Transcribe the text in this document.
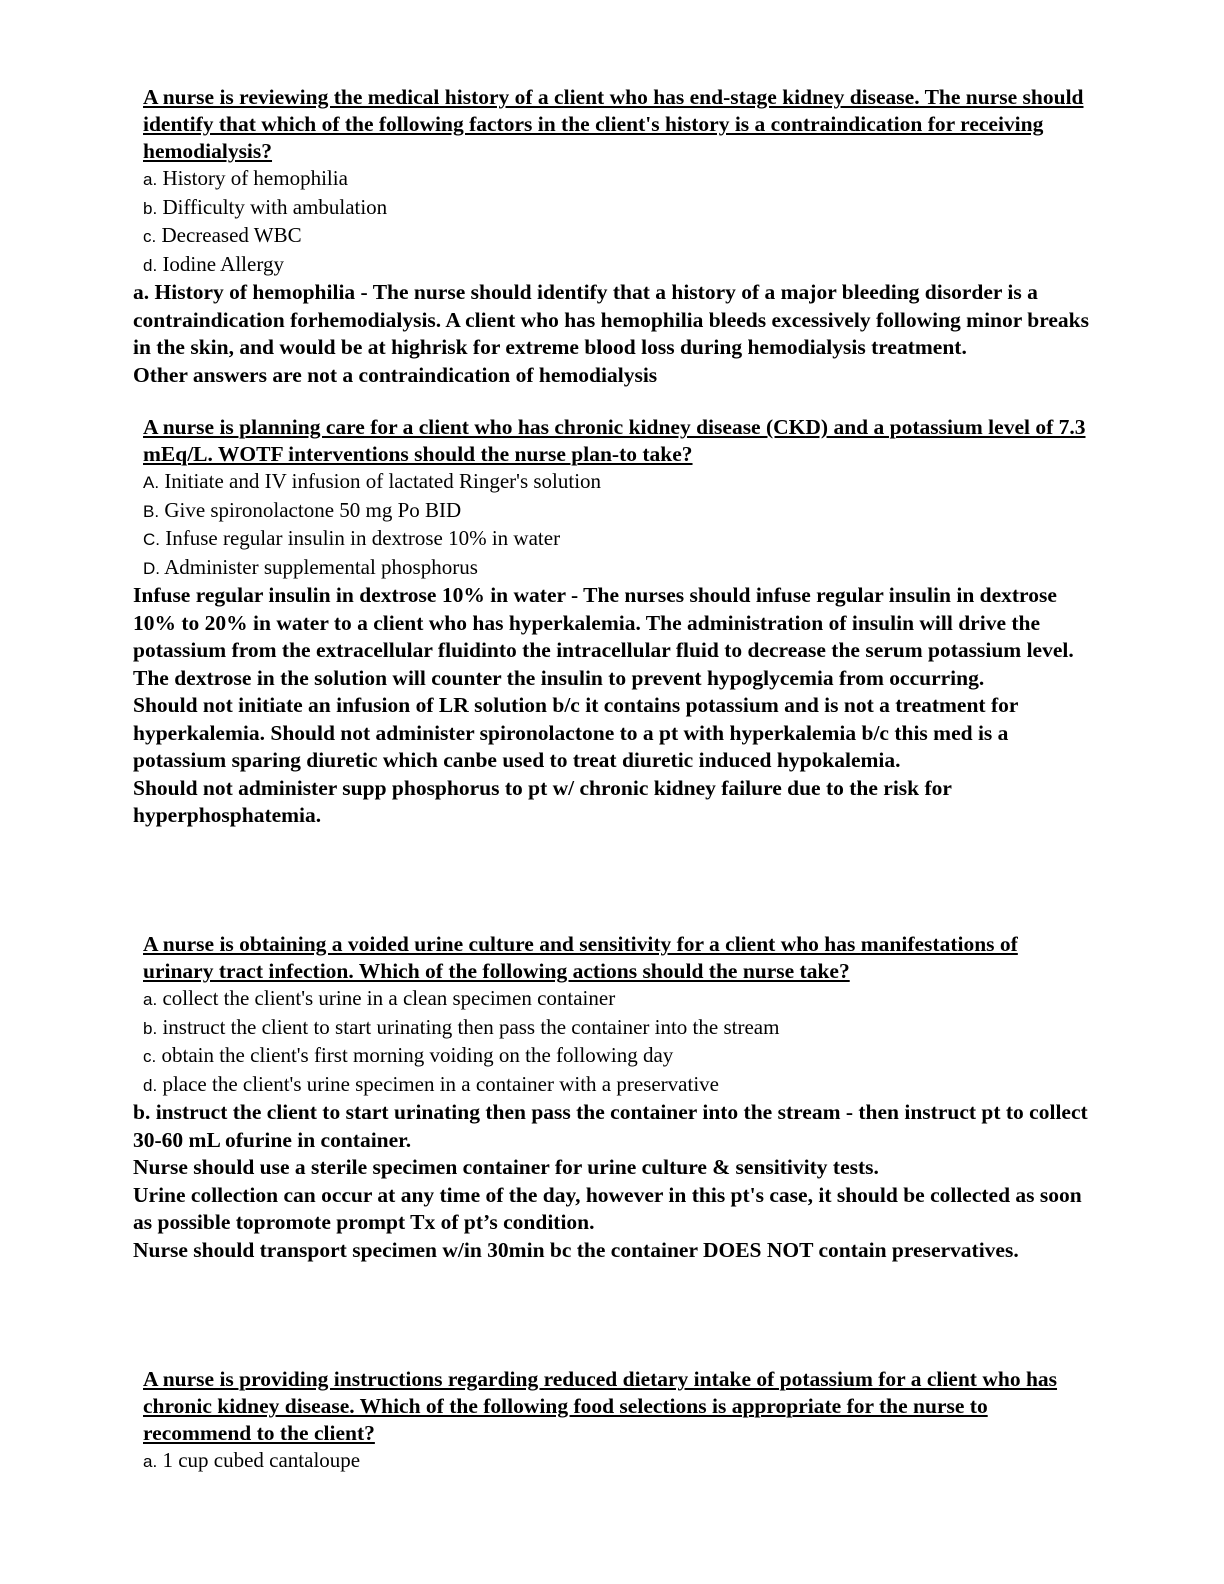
A nurse is reviewing the medical history of a client who has end-stage kidney disease. The nurse should identify that which of the following factors in the client's history is a contraindication for receiving hemodialysis?

a. History of hemophilia
b. Difficulty with ambulation
c. Decreased WBC
d. Iodine Allergy

a. History of hemophilia - The nurse should identify that a history of a major bleeding disorder is a contraindication forhemodialysis. A client who has hemophilia bleeds excessively following minor breaks in the skin, and would be at highrisk for extreme blood loss during hemodialysis treatment.

Other answers are not a contraindication of hemodialysis

A nurse is planning care for a client who has chronic kidney disease (CKD) and a potassium level of 7.3 mEq/L. WOTF interventions should the nurse plan-to take?

A. Initiate and IV infusion of lactated Ringer's solution
B. Give spironolactone 50 mg Po BID
C. Infuse regular insulin in dextrose 10% in water
D. Administer supplemental phosphorus

Infuse regular insulin in dextrose 10% in water - The nurses should infuse regular insulin in dextrose 10% to 20% in water to a client who has hyperkalemia. The administration of insulin will drive the potassium from the extracellular fluidinto the intracellular fluid to decrease the serum potassium level. The dextrose in the solution will counter the insulin to prevent hypoglycemia from occurring.

Should not initiate an infusion of LR solution b/c it contains potassium and is not a treatment for hyperkalemia. Should not administer spironolactone to a pt with hyperkalemia b/c this med is a potassium sparing diuretic which canbe used to treat diuretic induced hypokalemia.

Should not administer supp phosphorus to pt w/ chronic kidney failure due to the risk for hyperphosphatemia.

A nurse is obtaining a voided urine culture and sensitivity for a client who has manifestations of urinary tract infection. Which of the following actions should the nurse take?

a. collect the client's urine in a clean specimen container
b. instruct the client to start urinating then pass the container into the stream
c. obtain the client's first morning voiding on the following day
d. place the client's urine specimen in a container with a preservative

b. instruct the client to start urinating then pass the container into the stream - then instruct pt to collect 30-60 mL ofurine in container.

Nurse should use a sterile specimen container for urine culture & sensitivity tests.

Urine collection can occur at any time of the day, however in this pt's case, it should be collected as soon as possible topromote prompt Tx of pt’s condition.

Nurse should transport specimen w/in 30min bc the container DOES NOT contain preservatives.

A nurse is providing instructions regarding reduced dietary intake of potassium for a client who has chronic kidney disease. Which of the following food selections is appropriate for the nurse to recommend to the client?

a. 1 cup cubed cantaloupe
